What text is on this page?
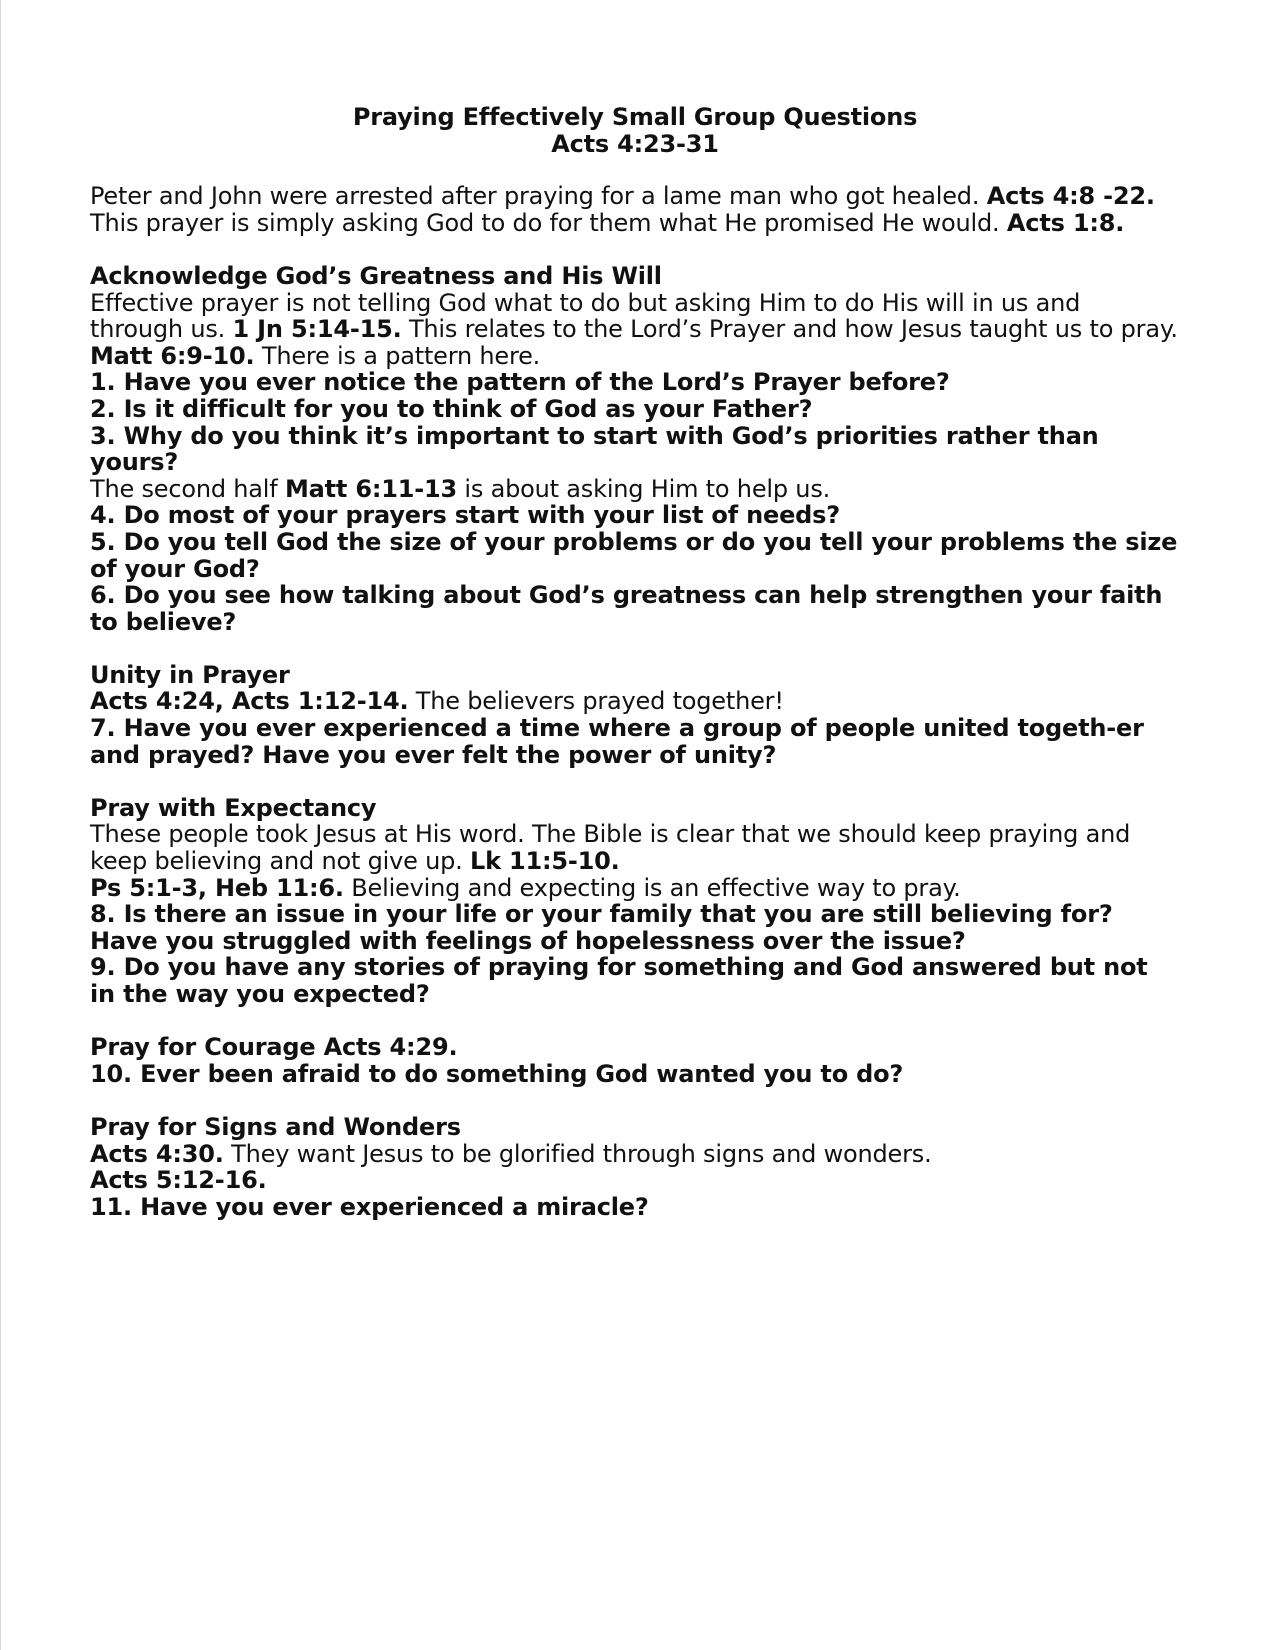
Praying Effectively Small Group Questions

Acts 4:23-31

Peter and John were arrested after praying for a lame man who got healed. Acts 4:8 -22. This prayer is simply asking God to do for them what He promised He would. Acts 1:8.

Acknowledge God’s Greatness and His Will

Effective prayer is not telling God what to do but asking Him to do His will in us and through us. 1 Jn 5:14-15. This relates to the Lord’s Prayer and how Jesus taught us to pray. Matt 6:9-10. There is a pattern here.

1. Have you ever notice the pattern of the Lord’s Prayer before?

2. Is it difficult for you to think of God as your Father?

3. Why do you think it’s important to start with God’s priorities rather than yours?

The second half Matt 6:11-13 is about asking Him to help us.

4. Do most of your prayers start with your list of needs?

5. Do you tell God the size of your problems or do you tell your problems the size of your God?

6. Do you see how talking about God’s greatness can help strengthen your faith to believe?

Unity in Prayer

Acts 4:24, Acts 1:12-14. The believers prayed together!

7. Have you ever experienced a time where a group of people united togeth-er and prayed? Have you ever felt the power of unity?

Pray with Expectancy

These people took Jesus at His word. The Bible is clear that we should keep praying and keep believing and not give up. Lk 11:5-10.

Ps 5:1-3, Heb 11:6. Believing and expecting is an effective way to pray.

8. Is there an issue in your life or your family that you are still believing for? Have you struggled with feelings of hopelessness over the issue?

9. Do you have any stories of praying for something and God answered but not in the way you expected?

Pray for Courage Acts 4:29.

10. Ever been afraid to do something God wanted you to do?

Pray for Signs and Wonders

Acts 4:30. They want Jesus to be glorified through signs and wonders.

Acts 5:12-16.

11. Have you ever experienced a miracle?
